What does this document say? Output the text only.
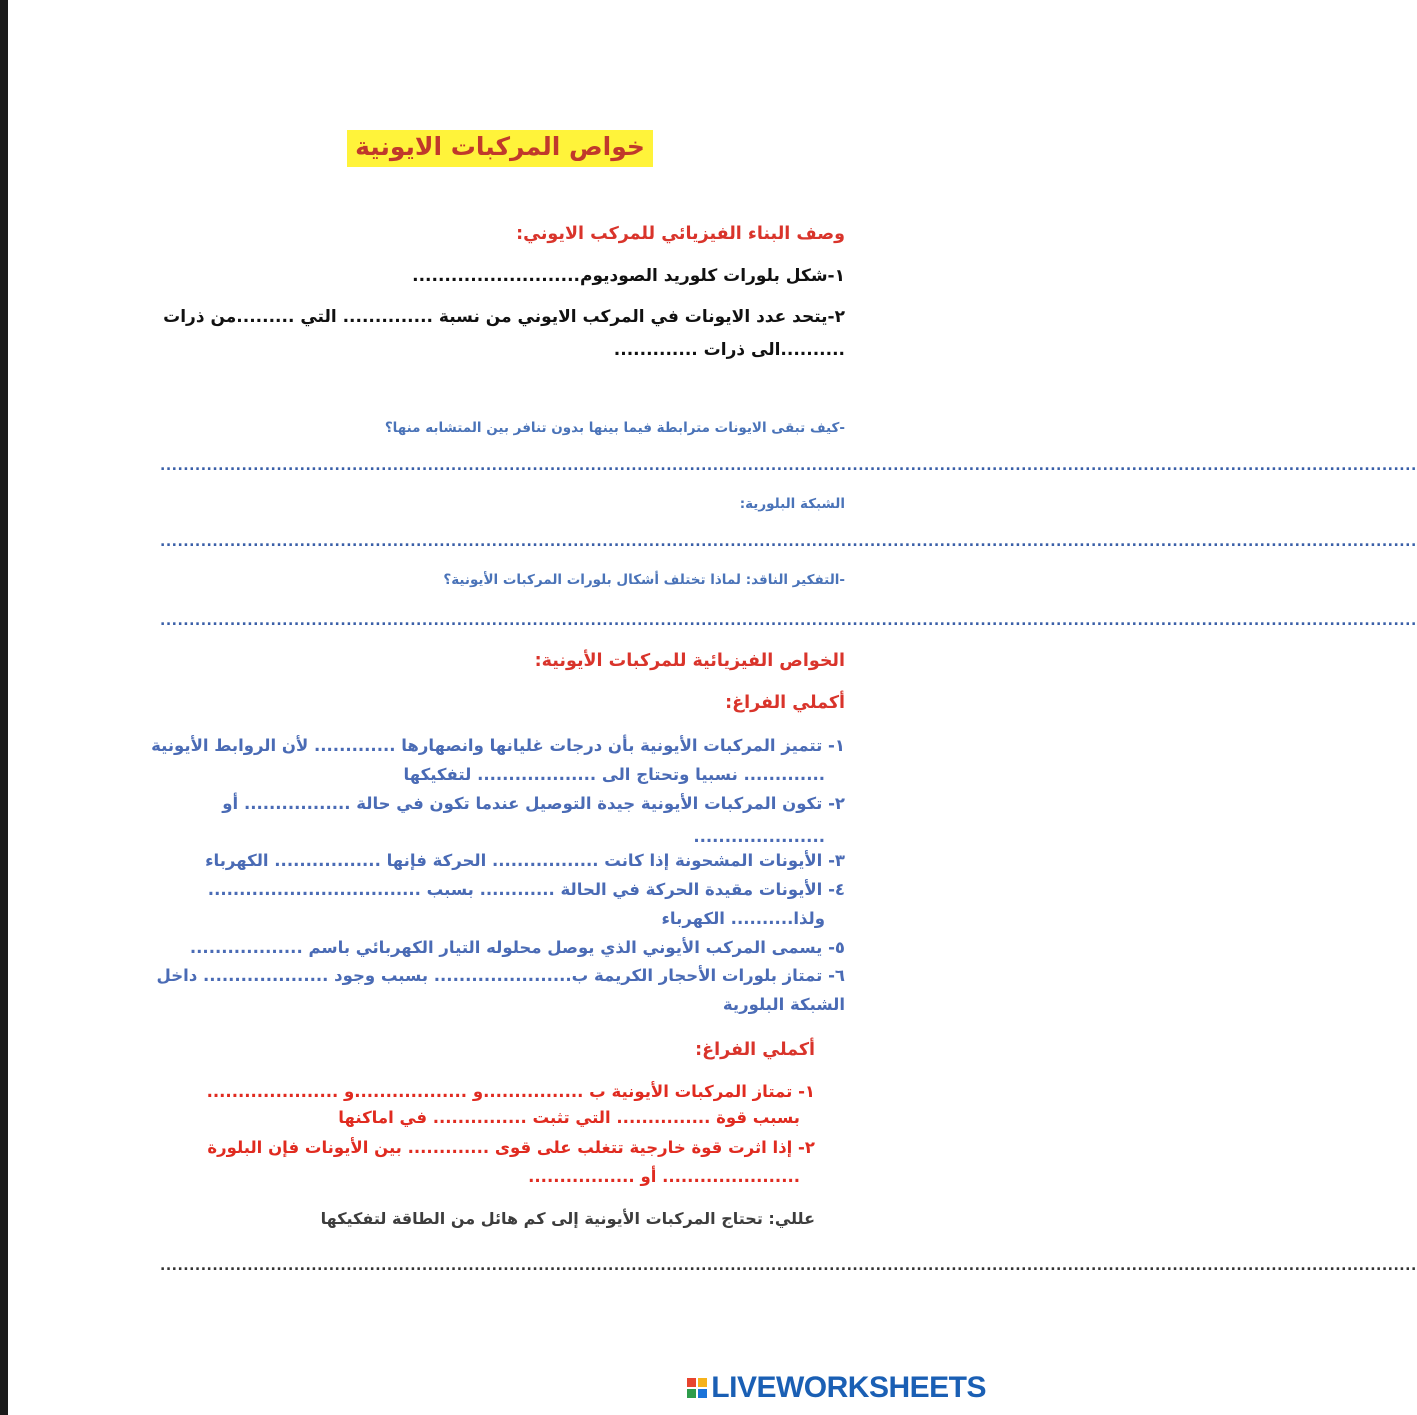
خواص المركبات الايونية
وصف البناء الفيزيائي للمركب الايوني:
١-شكل بلورات كلوريد الصوديوم..........................
٢-يتحد عدد الايونات في المركب الايوني من نسبة .............. التي .........من ذرات
..........الى ذرات .............
-كيف تبقى الايونات مترابطة فيما بينها بدون تنافر بين المتشابه منها؟
........................................................................................................................................................................................................................
الشبكة البلورية:
........................................................................................................................................................................................................................
-التفكير الناقد: لماذا تختلف أشكال بلورات المركبات الأيونية؟
........................................................................................................................................................................................................................
الخواص الفيزيائية للمركبات الأيونية:
أكملي الفراغ:
١- تتميز المركبات الأيونية بأن درجات غليانها وانصهارها ............. لأن الروابط الأيونية
............. نسبيا وتحتاج الى ................... لتفكيكها
٢- تكون المركبات الأيونية جيدة التوصيل عندما تكون في حالة ................. أو
.....................
٣- الأيونات المشحونة إذا كانت ................. الحركة فإنها ................. الكهرباء
٤- الأيونات مقيدة الحركة في الحالة ............ بسبب ..................................
ولذا.......... الكهرباء
٥- يسمى المركب الأيوني الذي يوصل محلوله التيار الكهربائي باسم ..................
٦- تمتاز بلورات الأحجار الكريمة ب...................... بسبب وجود .................... داخل
الشبكة البلورية
أكملي الفراغ:
١- تمتاز المركبات الأيونية ب ................و ..................و .....................
بسبب قوة ............... التي تثبت ............... في اماكنها
٢- إذا اثرت قوة خارجية تتغلب على قوى ............. بين الأيونات فإن البلورة
...................... أو .................
عللي: تحتاج المركبات الأيونية إلى كم هائل من الطاقة لتفكيكها
........................................................................................................................................................................................................................
LIVEWORKSHEETS
